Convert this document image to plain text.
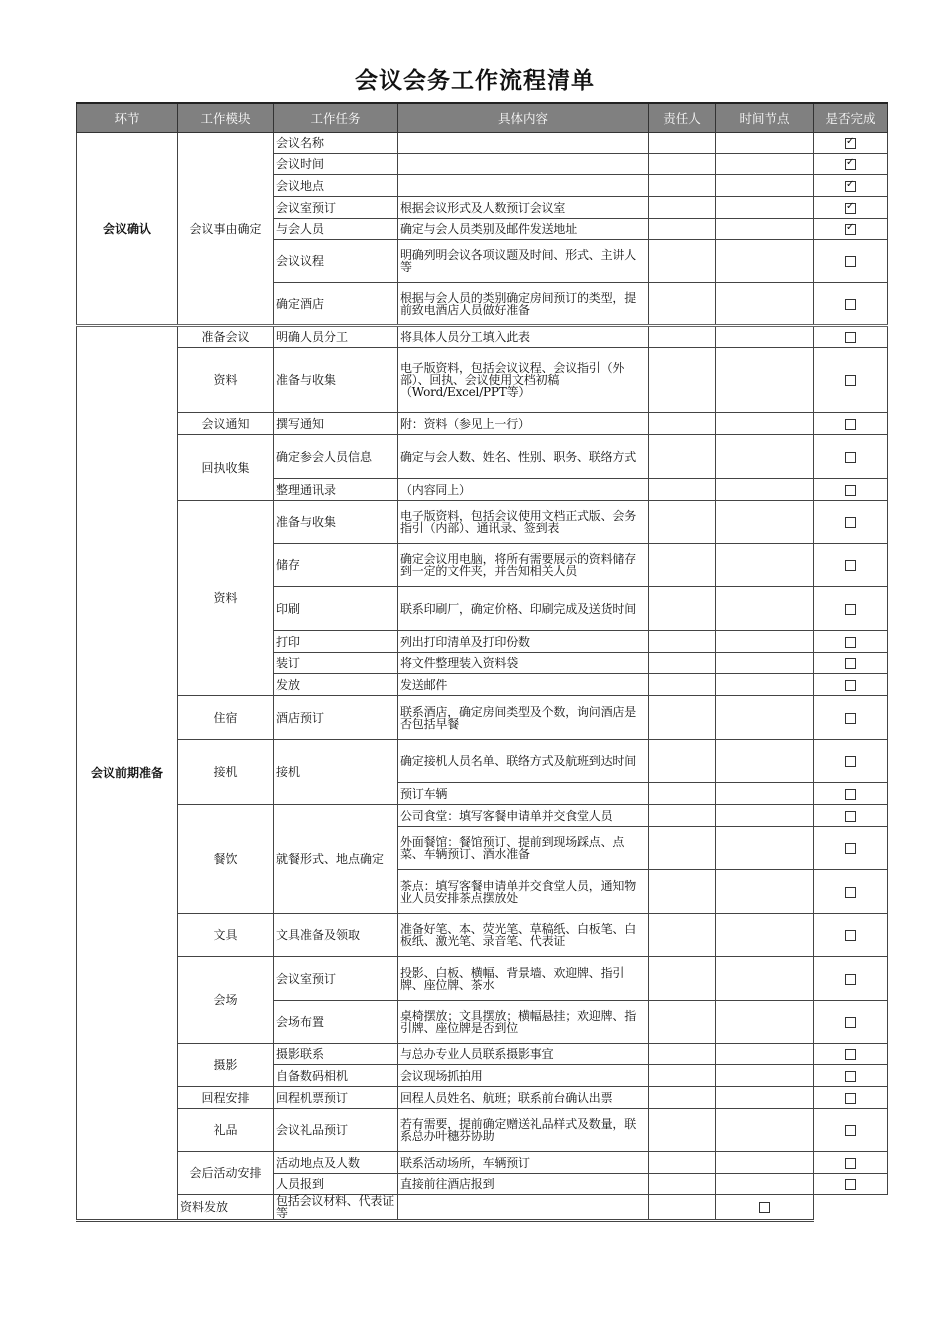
会议会务工作流程清单
环节	工作模块	工作任务	具体内容	责任人	时间节点	是否完成
会议确认	会议事由确定	会议名称				✓
		会议时间				✓
		会议地点				✓
		会议室预订	根据会议形式及人数预订会议室			✓
		与会人员	确定与会人员类别及邮件发送地址			✓
		会议议程	明确列明会议各项议题及时间、形式、主讲人等			
		确定酒店	根据与会人员的类别确定房间预订的类型，提前致电酒店人员做好准备			
会议前期准备	准备会议	明确人员分工	将具体人员分工填入此表			
	资料	准备与收集	电子版资料，包括会议议程、会议指引（外部）、回执、会议使用文档初稿（Word/Excel/PPT等）			
	会议通知	撰写通知	附：资料（参见上一行）			
	回执收集	确定参会人员信息	确定与会人数、姓名、性别、职务、联络方式			
		整理通讯录	（内容同上）			
	资料	准备与收集	电子版资料，包括会议使用文档正式版、会务指引（内部）、通讯录、签到表			
		储存	确定会议用电脑，将所有需要展示的资料储存到一定的文件夹，并告知相关人员			
		印刷	联系印刷厂，确定价格、印刷完成及送货时间			
		打印	列出打印清单及打印份数			
		装订	将文件整理装入资料袋			
		发放	发送邮件			
	住宿	酒店预订	联系酒店，确定房间类型及个数，询问酒店是否包括早餐			
	接机	接机	确定接机人员名单、联络方式及航班到达时间			
			预订车辆			
	餐饮	就餐形式、地点确定	公司食堂：填写客餐申请单并交食堂人员			
			外面餐馆：餐馆预订、提前到现场踩点、点菜、车辆预订、酒水准备			
			茶点：填写客餐申请单并交食堂人员，通知物业人员安排茶点摆放处			
	文具	文具准备及领取	准备好笔、本、荧光笔、草稿纸、白板笔、白板纸、激光笔、录音笔、代表证			
	会场	会议室预订	投影、白板、横幅、背景墙、欢迎牌、指引牌、座位牌、茶水			
		会场布置	桌椅摆放；文具摆放；横幅悬挂；欢迎牌、指引牌、座位牌是否到位			
	摄影	摄影联系	与总办专业人员联系摄影事宜			
		自备数码相机	会议现场抓拍用			
	回程安排	回程机票预订	回程人员姓名、航班；联系前台确认出票			
	礼品	会议礼品预订	若有需要，提前确定赠送礼品样式及数量，联系总办叶穗芬协助			
	会后活动安排	活动地点及人数	联系活动场所，车辆预订			
		人员报到	直接前往酒店报到			
	资料发放	包括会议材料、代表证等				
